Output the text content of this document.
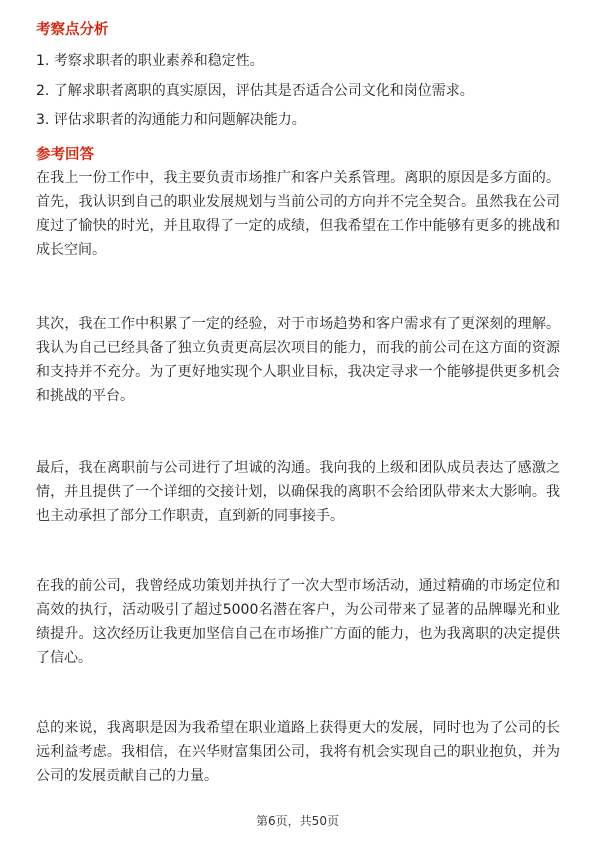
考察点分析
1. 考察求职者的职业素养和稳定性。
2. 了解求职者离职的真实原因，评估其是否适合公司文化和岗位需求。
3. 评估求职者的沟通能力和问题解决能力。
参考回答

在我上一份工作中，我主要负责市场推广和客户关系管理。离职的原因是多方面的。首先，我认识到自己的职业发展规划与当前公司的方向并不完全契合。虽然我在公司度过了愉快的时光，并且取得了一定的成绩，但我希望在工作中能够有更多的挑战和成长空间。

其次，我在工作中积累了一定的经验，对于市场趋势和客户需求有了更深刻的理解。我认为自己已经具备了独立负责更高层次项目的能力，而我的前公司在这方面的资源和支持并不充分。为了更好地实现个人职业目标，我决定寻求一个能够提供更多机会和挑战的平台。

最后，我在离职前与公司进行了坦诚的沟通。我向我的上级和团队成员表达了感激之情，并且提供了一个详细的交接计划，以确保我的离职不会给团队带来太大影响。我也主动承担了部分工作职责，直到新的同事接手。

在我的前公司，我曾经成功策划并执行了一次大型市场活动，通过精确的市场定位和高效的执行，活动吸引了超过5000名潜在客户，为公司带来了显著的品牌曝光和业绩提升。这次经历让我更加坚信自己在市场推广方面的能力，也为我离职的决定提供了信心。

总的来说，我离职是因为我希望在职业道路上获得更大的发展，同时也为了公司的长远利益考虑。我相信，在兴华财富集团公司，我将有机会实现自己的职业抱负，并为公司的发展贡献自己的力量。

第6页，共50页
